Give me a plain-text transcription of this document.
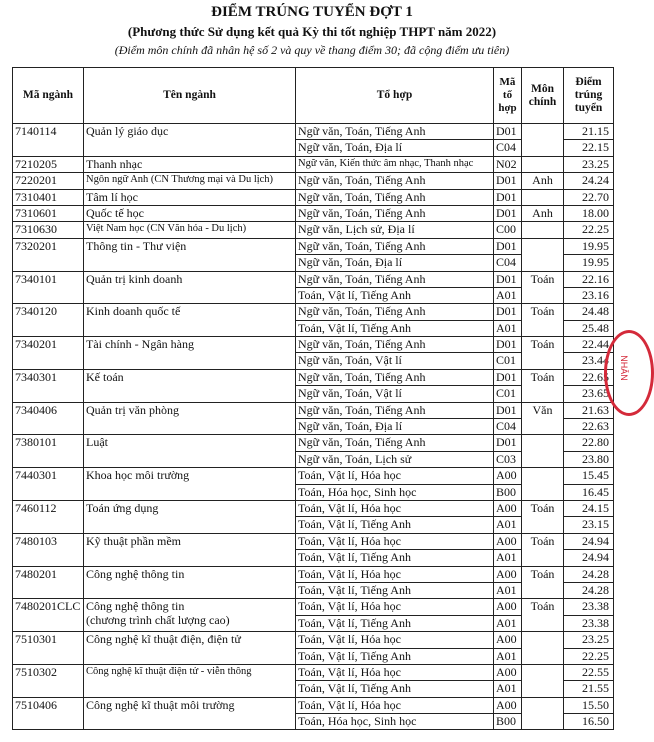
ĐIỂM TRÚNG TUYỂN ĐỢT 1
(Phương thức Sử dụng kết quả Kỳ thi tốt nghiệp THPT năm 2022)
(Điểm môn chính đã nhân hệ số 2 và quy về thang điểm 30; đã cộng điểm ưu tiên)
Mã ngành	Tên ngành	Tổ hợp	Mã tổ hợp	Môn chính	Điểm trúng tuyển
7140114	Quản lý giáo dục	Ngữ văn, Toán, Tiếng Anh	D01		21.15
		Ngữ văn, Toán, Địa lí	C04		22.15
7210205	Thanh nhạc	Ngữ văn, Kiến thức âm nhạc, Thanh nhạc	N02		23.25
7220201	Ngôn ngữ Anh (CN Thương mại và Du lịch)	Ngữ văn, Toán, Tiếng Anh	D01	Anh	24.24
7310401	Tâm lí học	Ngữ văn, Toán, Tiếng Anh	D01		22.70
7310601	Quốc tế học	Ngữ văn, Toán, Tiếng Anh	D01	Anh	18.00
7310630	Việt Nam học (CN Văn hóa - Du lịch)	Ngữ văn, Lịch sử, Địa lí	C00		22.25
7320201	Thông tin - Thư viện	Ngữ văn, Toán, Tiếng Anh	D01		19.95
		Ngữ văn, Toán, Địa lí	C04		19.95
7340101	Quản trị kinh doanh	Ngữ văn, Toán, Tiếng Anh	D01	Toán	22.16
		Toán, Vật lí, Tiếng Anh	A01		23.16
7340120	Kinh doanh quốc tế	Ngữ văn, Toán, Tiếng Anh	D01	Toán	24.48
		Toán, Vật lí, Tiếng Anh	A01		25.48
7340201	Tài chính - Ngân hàng	Ngữ văn, Toán, Tiếng Anh	D01	Toán	22.44
		Ngữ văn, Toán, Vật lí	C01		23.44
7340301	Kế toán	Ngữ văn, Toán, Tiếng Anh	D01	Toán	22.65
		Ngữ văn, Toán, Vật lí	C01		23.65
7340406	Quản trị văn phòng	Ngữ văn, Toán, Tiếng Anh	D01	Văn	21.63
		Ngữ văn, Toán, Địa lí	C04		22.63
7380101	Luật	Ngữ văn, Toán, Tiếng Anh	D01		22.80
		Ngữ văn, Toán, Lịch sử	C03		23.80
7440301	Khoa học môi trường	Toán, Vật lí, Hóa học	A00		15.45
		Toán, Hóa học, Sinh học	B00		16.45
7460112	Toán ứng dụng	Toán, Vật lí, Hóa học	A00	Toán	24.15
		Toán, Vật lí, Tiếng Anh	A01		23.15
7480103	Kỹ thuật phần mềm	Toán, Vật lí, Hóa học	A00	Toán	24.94
		Toán, Vật lí, Tiếng Anh	A01		24.94
7480201	Công nghệ thông tin	Toán, Vật lí, Hóa học	A00	Toán	24.28
		Toán, Vật lí, Tiếng Anh	A01		24.28
7480201CLC	Công nghệ thông tin
(chương trình chất lượng cao)	Toán, Vật lí, Hóa học	A00	Toán	23.38
		Toán, Vật lí, Tiếng Anh	A01		23.38
7510301	Công nghệ kĩ thuật điện, điện tử	Toán, Vật lí, Hóa học	A00		23.25
		Toán, Vật lí, Tiếng Anh	A01		22.25
7510302	Công nghệ kĩ thuật điện tử - viễn thông	Toán, Vật lí, Hóa học	A00		22.55
		Toán, Vật lí, Tiếng Anh	A01		21.55
7510406	Công nghệ kĩ thuật môi trường	Toán, Vật lí, Hóa học	A00		15.50
		Toán, Hóa học, Sinh học	B00		16.50
NHÂN
